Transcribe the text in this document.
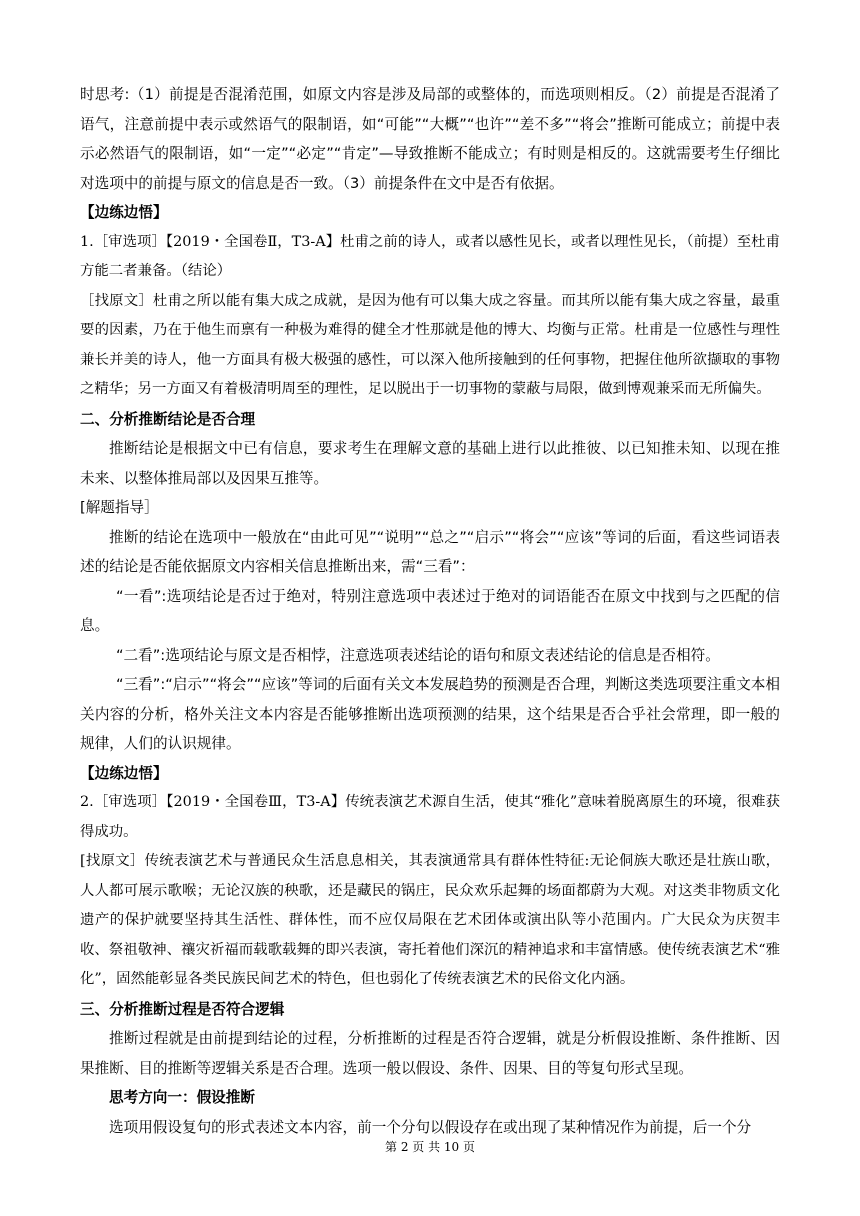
时思考:（1）前提是否混淆范围，如原文内容是涉及局部的或整体的，而选项则相反。（2）前提是否混淆了语气，注意前提中表示或然语气的限制语，如“可能”“大概”“也许”“差不多”“将会”推断可能成立；前提中表示必然语气的限制语，如“一定”“必定”“肯定”—导致推断不能成立；有时则是相反的。这就需要考生仔细比对选项中的前提与原文的信息是否一致。（3）前提条件在文中是否有依据。

【边练边悟】

1.［审选项］【2019・全国卷Ⅱ，T3-A】杜甫之前的诗人，或者以感性见长，或者以理性见长，（前提）至杜甫方能二者兼备。（结论）

［找原文］杜甫之所以能有集大成之成就，是因为他有可以集大成之容量。而其所以能有集大成之容量，最重要的因素，乃在于他生而禀有一种极为难得的健全才性那就是他的博大、均衡与正常。杜甫是一位感性与理性兼长并美的诗人，他一方面具有极大极强的感性，可以深入他所接触到的任何事物，把握住他所欲撷取的事物之精华；另一方面又有着极清明周至的理性，足以脱出于一切事物的蒙蔽与局限，做到博观兼采而无所偏失。

二、分析推断结论是否合理

推断结论是根据文中已有信息，要求考生在理解文意的基础上进行以此推彼、以已知推未知、以现在推未来、以整体推局部以及因果互推等。

[解题指导］

推断的结论在选项中一般放在“由此可见”“说明”“总之”“启示”“将会”“应该”等词的后面，看这些词语表述的结论是否能依据原文内容相关信息推断出来，需“三看”：

“一看”:选项结论是否过于绝对，特别注意选项中表述过于绝对的词语能否在原文中找到与之匹配的信息。

“二看”:选项结论与原文是否相悖，注意选项表述结论的语句和原文表述结论的信息是否相符。

“三看”:“启示”“将会”“应该”等词的后面有关文本发展趋势的预测是否合理，判断这类选项要注重文本相关内容的分析，格外关注文本内容是否能够推断出选项预测的结果，这个结果是否合乎社会常理，即一般的规律，人们的认识规律。

【边练边悟】

2.［审选项］【2019・全国卷Ⅲ，T3-A】传统表演艺术源自生活，使其“雅化”意味着脱离原生的环境，很难获得成功。

[找原文］传统表演艺术与普通民众生活息息相关，其表演通常具有群体性特征:无论侗族大歌还是壮族山歌，人人都可展示歌喉；无论汉族的秧歌，还是藏民的锅庄，民众欢乐起舞的场面都蔚为大观。对这类非物质文化遗产的保护就要坚持其生活性、群体性，而不应仅局限在艺术团体或演出队等小范围内。广大民众为庆贺丰收、祭祖敬神、禳灾祈福而载歌载舞的即兴表演，寄托着他们深沉的精神追求和丰富情感。使传统表演艺术“雅化”，固然能彰显各类民族民间艺术的特色，但也弱化了传统表演艺术的民俗文化内涵。

三、分析推断过程是否符合逻辑

推断过程就是由前提到结论的过程，分析推断的过程是否符合逻辑，就是分析假设推断、条件推断、因果推断、目的推断等逻辑关系是否合理。选项一般以假设、条件、因果、目的等复句形式呈现。

思考方向一：假设推断

选项用假设复句的形式表述文本内容，前一个分句以假设存在或出现了某种情况作为前提，后一个分

第 2 页 共 10 页
